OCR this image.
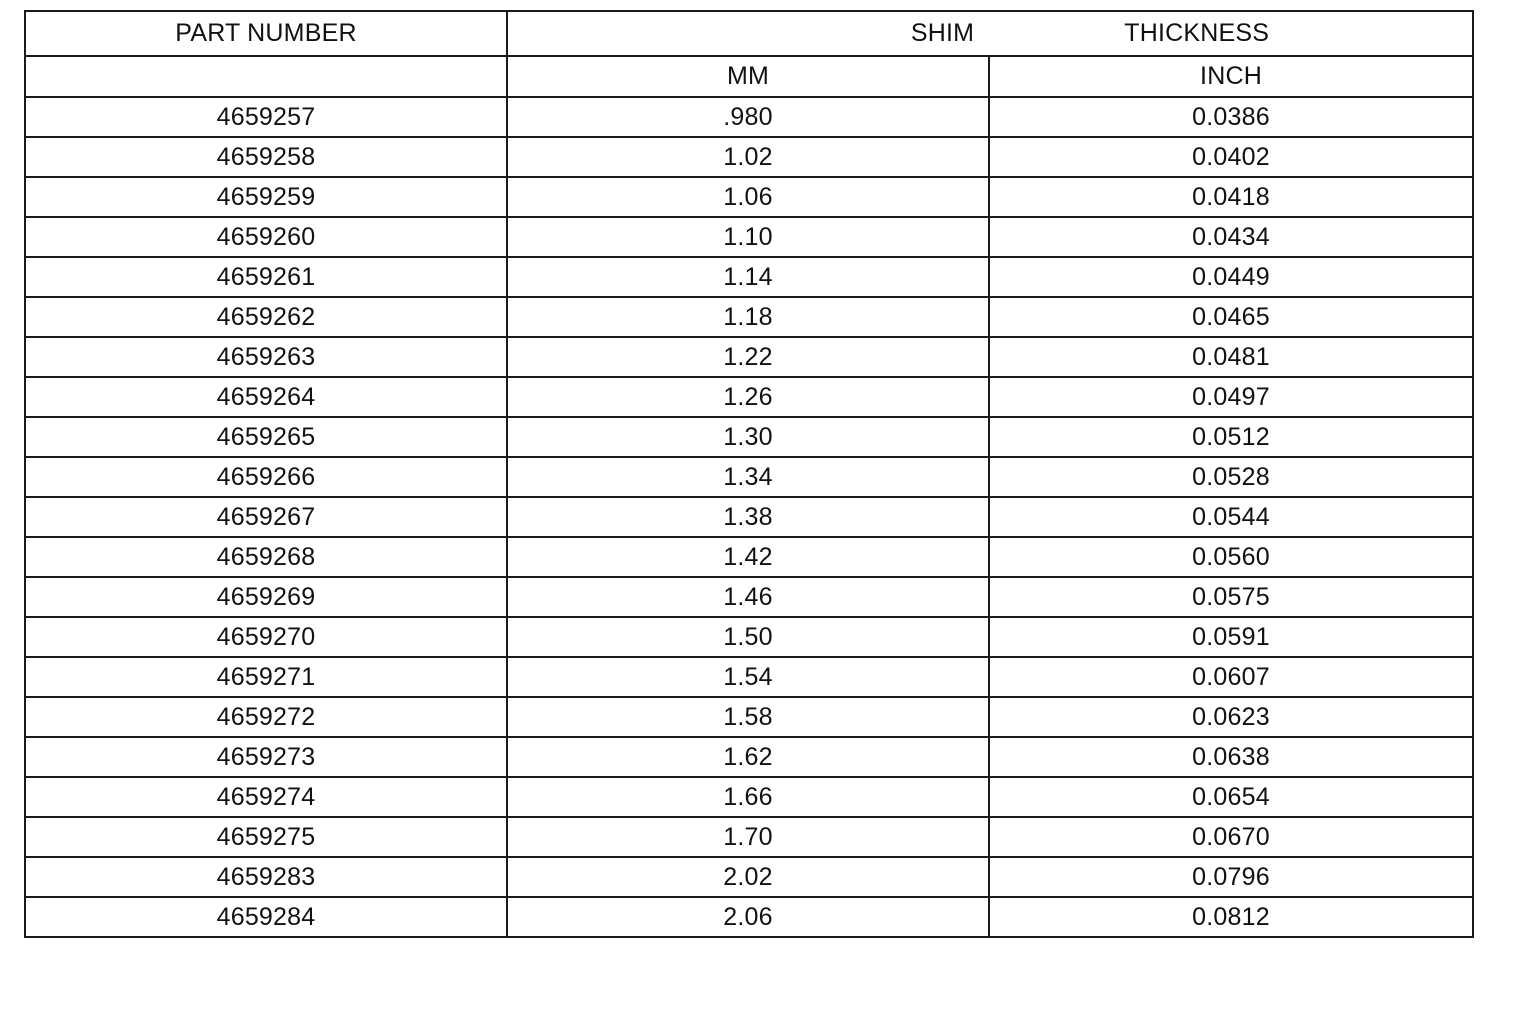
PART NUMBER	SHIM THICKNESS	
	MM	INCH
4659257	.980	0.0386
4659258	1.02	0.0402
4659259	1.06	0.0418
4659260	1.10	0.0434
4659261	1.14	0.0449
4659262	1.18	0.0465
4659263	1.22	0.0481
4659264	1.26	0.0497
4659265	1.30	0.0512
4659266	1.34	0.0528
4659267	1.38	0.0544
4659268	1.42	0.0560
4659269	1.46	0.0575
4659270	1.50	0.0591
4659271	1.54	0.0607
4659272	1.58	0.0623
4659273	1.62	0.0638
4659274	1.66	0.0654
4659275	1.70	0.0670
4659283	2.02	0.0796
4659284	2.06	0.0812
